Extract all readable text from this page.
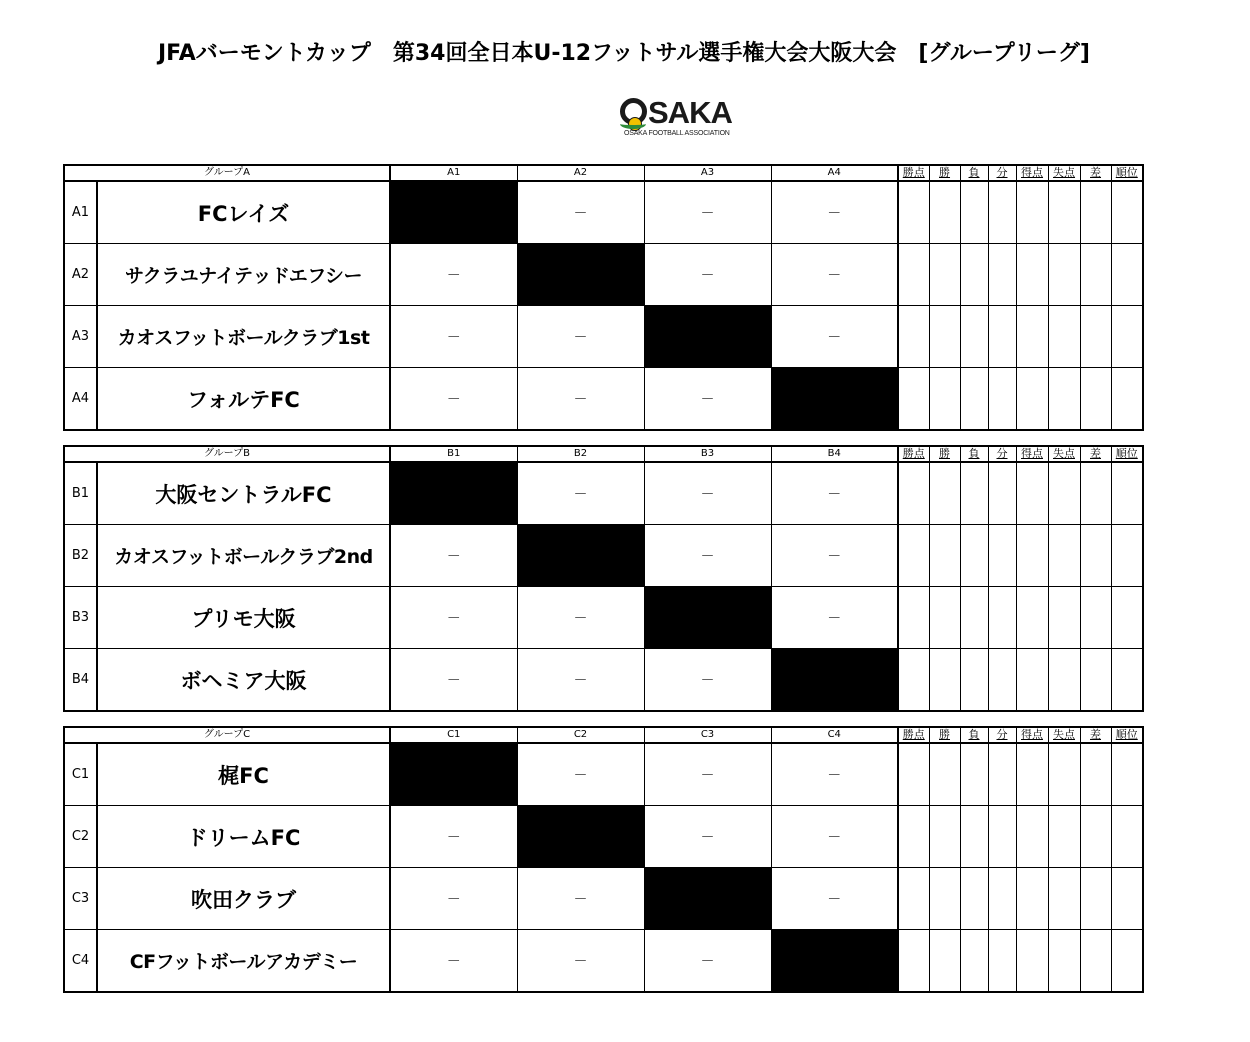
JFAバーモントカップ　第34回全日本U-12フットサル選手権大会大阪大会　[グループリーグ]
SAKA
OSAKA FOOTBALL ASSOCIATION
グループA		A1	A2	A3	A4	勝点	勝	負	分	得点	失点	差	順位
A1	FCレイズ		－	－	－								
A2	サクラユナイテッドエフシー	－		－	－								
A3	カオスフットボールクラブ1st	－	－		－								
A4	フォルテFC	－	－	－									
グループB		B1	B2	B3	B4	勝点	勝	負	分	得点	失点	差	順位
B1	大阪セントラルFC		－	－	－								
B2	カオスフットボールクラブ2nd	－		－	－								
B3	プリモ大阪	－	－		－								
B4	ボヘミア大阪	－	－	－									
グループC		C1	C2	C3	C4	勝点	勝	負	分	得点	失点	差	順位
C1	梶FC		－	－	－								
C2	ドリームFC	－		－	－								
C3	吹田クラブ	－	－		－								
C4	CFフットボールアカデミー	－	－	－									
